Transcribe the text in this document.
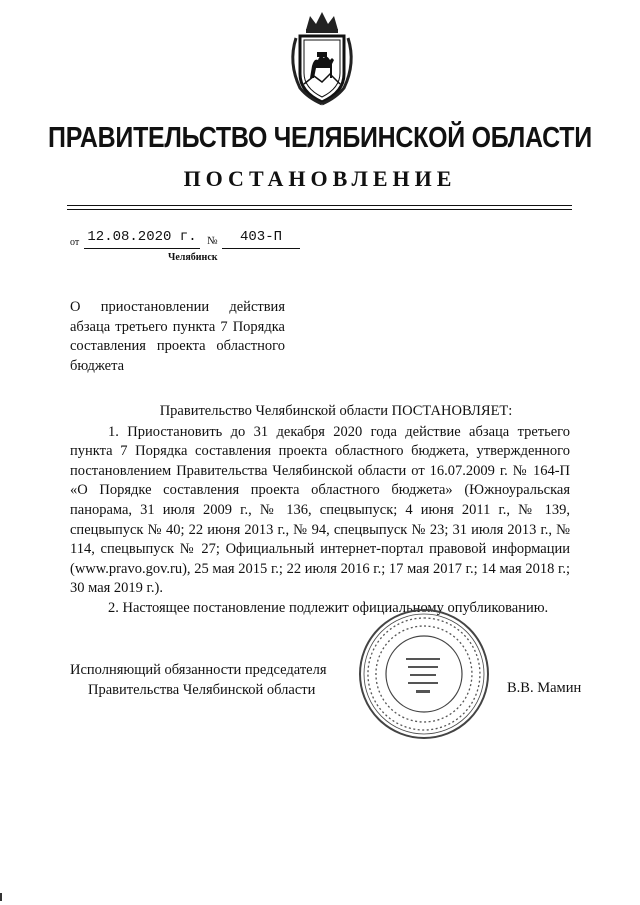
ПРАВИТЕЛЬСТВО ЧЕЛЯБИНСКОЙ ОБЛАСТИ
ПОСТАНОВЛЕНИЕ
от 12.08.2020 г. №	403-П
Челябинск
О приостановлении действия абзаца третьего пункта 7 Порядка составления проекта областного бюджета
Правительство Челябинской области ПОСТАНОВЛЯЕТ:

1. Приостановить до 31 декабря 2020 года действие абзаца третьего пункта 7 Порядка составления проекта областного бюджета, утвержденного постановлением Правительства Челябинской области от 16.07.2009 г. № 164-П «О Порядке составления проекта областного бюджета» (Южноуральская панорама, 31 июля 2009 г., № 136, спецвыпуск; 4 июня 2011 г., № 139, спецвыпуск № 40; 22 июня 2013 г., № 94, спецвыпуск № 23; 31 июля 2013 г., № 114, спецвыпуск № 27; Официальный интернет-портал правовой информации (www.pravo.gov.ru), 25 мая 2015 г.; 22 июля 2016 г.; 17 мая 2017 г.; 14 мая 2018 г.; 30 мая 2019 г.).

2. Настоящее постановление подлежит официальному опубликованию.

Исполняющий обязанности председателя
Правительства Челябинской области	В.В. Мамин
